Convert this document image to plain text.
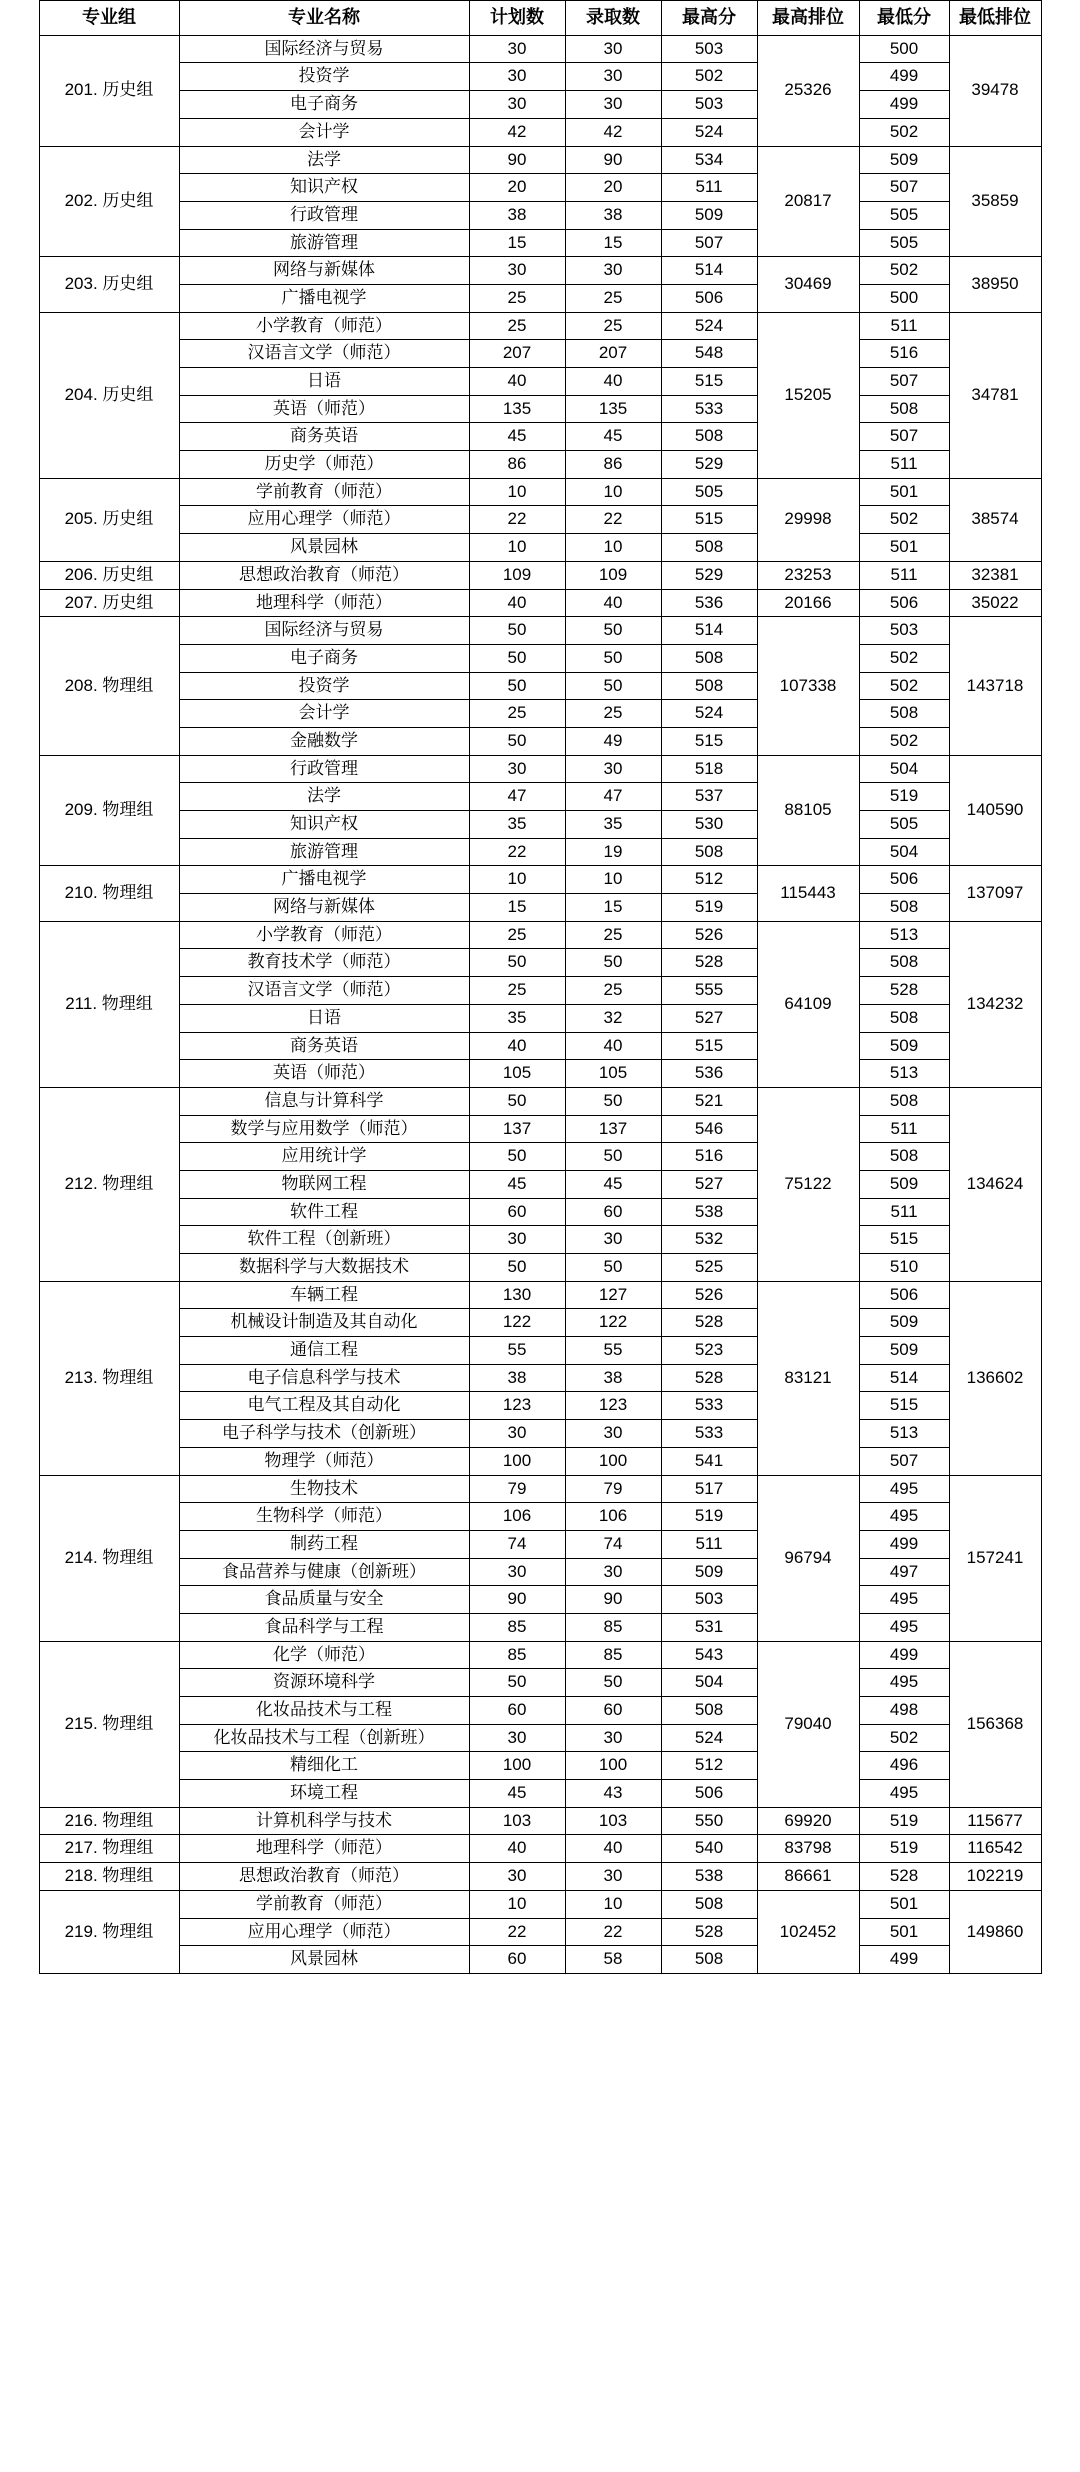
专业组	专业名称	计划数	录取数	最高分	最高排位	最低分	最低排位
201. 历史组	国际经济与贸易	30	30	503	25326	500	39478
	投资学	30	30	502		499	
	电子商务	30	30	503		499	
	会计学	42	42	524		502	
202. 历史组	法学	90	90	534	20817	509	35859
	知识产权	20	20	511		507	
	行政管理	38	38	509		505	
	旅游管理	15	15	507		505	
203. 历史组	网络与新媒体	30	30	514	30469	502	38950
	广播电视学	25	25	506		500	
204. 历史组	小学教育（师范）	25	25	524	15205	511	34781
	汉语言文学（师范）	207	207	548		516	
	日语	40	40	515		507	
	英语（师范）	135	135	533		508	
	商务英语	45	45	508		507	
	历史学（师范）	86	86	529		511	
205. 历史组	学前教育（师范）	10	10	505	29998	501	38574
	应用心理学（师范）	22	22	515		502	
	风景园林	10	10	508		501	
206. 历史组	思想政治教育（师范）	109	109	529	23253	511	32381
207. 历史组	地理科学（师范）	40	40	536	20166	506	35022
208. 物理组	国际经济与贸易	50	50	514	107338	503	143718
	电子商务	50	50	508		502	
	投资学	50	50	508		502	
	会计学	25	25	524		508	
	金融数学	50	49	515		502	
209. 物理组	行政管理	30	30	518	88105	504	140590
	法学	47	47	537		519	
	知识产权	35	35	530		505	
	旅游管理	22	19	508		504	
210. 物理组	广播电视学	10	10	512	115443	506	137097
	网络与新媒体	15	15	519		508	
211. 物理组	小学教育（师范）	25	25	526	64109	513	134232
	教育技术学（师范）	50	50	528		508	
	汉语言文学（师范）	25	25	555		528	
	日语	35	32	527		508	
	商务英语	40	40	515		509	
	英语（师范）	105	105	536		513	
212. 物理组	信息与计算科学	50	50	521	75122	508	134624
	数学与应用数学（师范）	137	137	546		511	
	应用统计学	50	50	516		508	
	物联网工程	45	45	527		509	
	软件工程	60	60	538		511	
	软件工程（创新班）	30	30	532		515	
	数据科学与大数据技术	50	50	525		510	
213. 物理组	车辆工程	130	127	526	83121	506	136602
	机械设计制造及其自动化	122	122	528		509	
	通信工程	55	55	523		509	
	电子信息科学与技术	38	38	528		514	
	电气工程及其自动化	123	123	533		515	
	电子科学与技术（创新班）	30	30	533		513	
	物理学（师范）	100	100	541		507	
214. 物理组	生物技术	79	79	517	96794	495	157241
	生物科学（师范）	106	106	519		495	
	制药工程	74	74	511		499	
	食品营养与健康（创新班）	30	30	509		497	
	食品质量与安全	90	90	503		495	
	食品科学与工程	85	85	531		495	
215. 物理组	化学（师范）	85	85	543	79040	499	156368
	资源环境科学	50	50	504		495	
	化妆品技术与工程	60	60	508		498	
	化妆品技术与工程（创新班）	30	30	524		502	
	精细化工	100	100	512		496	
	环境工程	45	43	506		495	
216. 物理组	计算机科学与技术	103	103	550	69920	519	115677
217. 物理组	地理科学（师范）	40	40	540	83798	519	116542
218. 物理组	思想政治教育（师范）	30	30	538	86661	528	102219
219. 物理组	学前教育（师范）	10	10	508	102452	501	149860
	应用心理学（师范）	22	22	528		501	
	风景园林	60	58	508		499	
